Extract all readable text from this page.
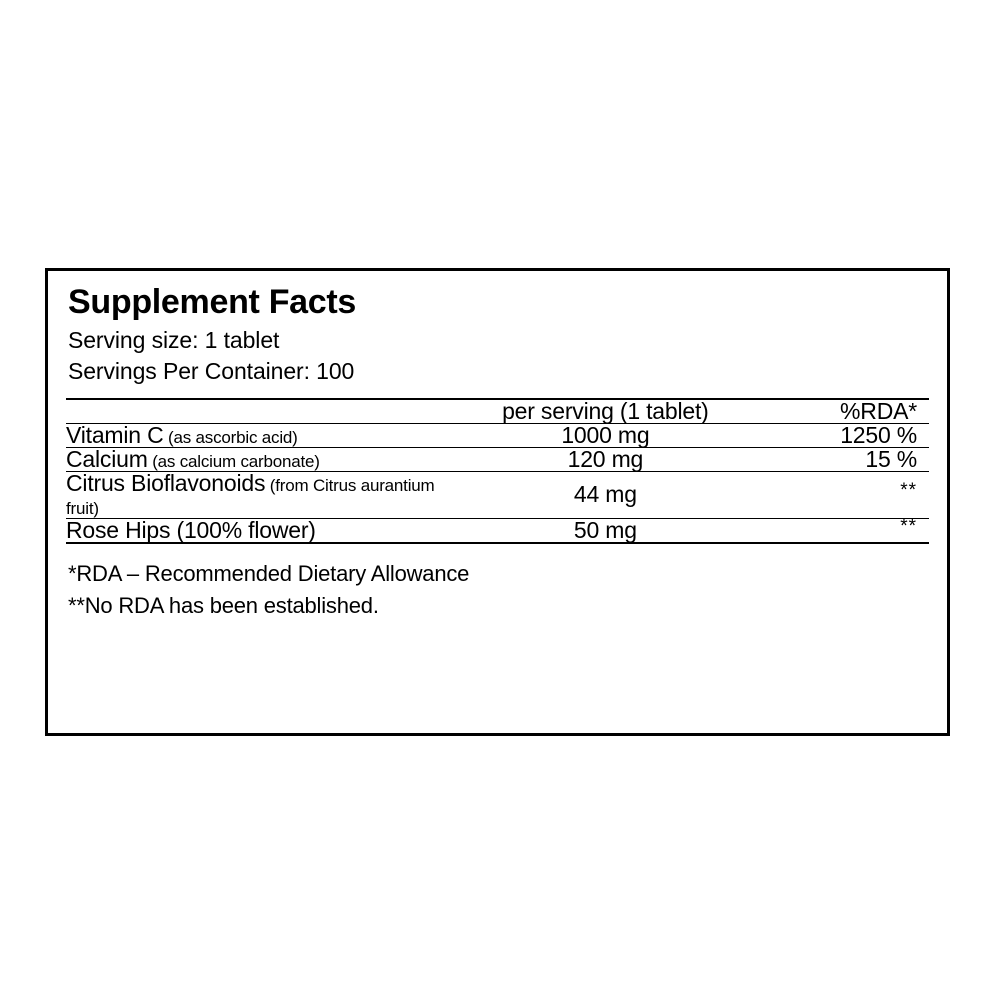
Supplement Facts
Serving size: 1 tablet
Servings Per Container: 100
	per serving (1 tablet)	%RDA*
Vitamin C (as ascorbic acid)	1000 mg	1250 %
Calcium (as calcium carbonate)	120 mg	15 %
Citrus Bioflavonoids (from Citrus aurantium fruit)	44 mg	**
Rose Hips (100% flower)	50 mg	**

*RDA – Recommended Dietary Allowance
**No RDA has been established.
